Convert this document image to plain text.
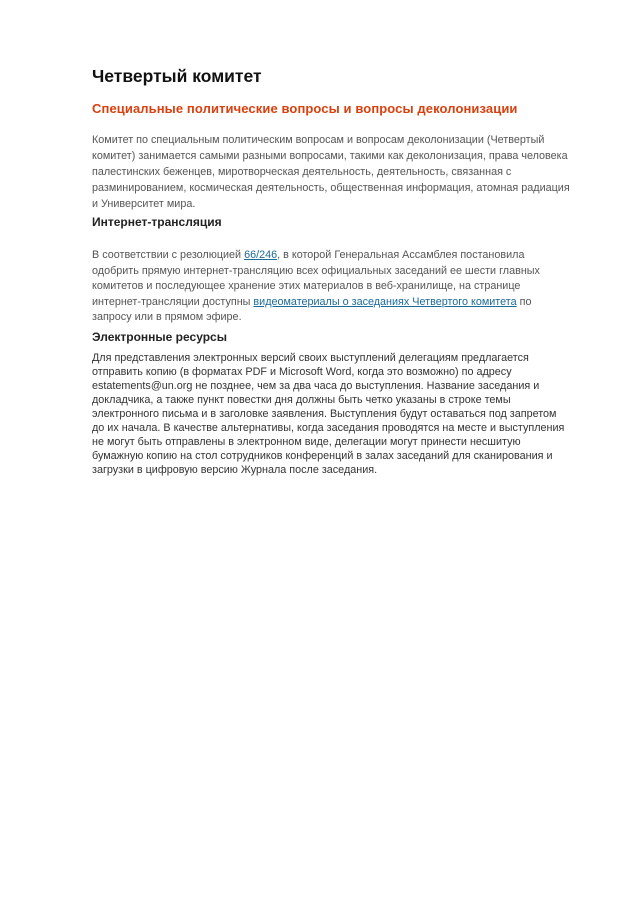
Четвертый комитет
Специальные политические вопросы и вопросы деколонизации
Комитет по специальным политическим вопросам и вопросам деколонизации (Четвертый
комитет) занимается самыми разными вопросами, такими как деколонизация, права человека
палестинских беженцев, миротворческая деятельность, деятельность, связанная с
разминированием, космическая деятельность, общественная информация, атомная радиация
и Университет мира.
Интернет-трансляция
В соответствии с резолюцией 66/246, в которой Генеральная Ассамблея постановила
одобрить прямую интернет-трансляцию всех официальных заседаний ее шести главных
комитетов и последующее хранение этих материалов в веб-хранилище, на странице
интернет-трансляции доступны видеоматериалы о заседаниях Четвертого комитета по
запросу или в прямом эфире.
Электронные ресурсы
Для представления электронных версий своих выступлений делегациям предлагается
отправить копию (в форматах PDF и Microsoft Word, когда это возможно) по адресу
estatements@un.org не позднее, чем за два часа до выступления. Название заседания и
докладчика, а также пункт повестки дня должны быть четко указаны в строке темы
электронного письма и в заголовке заявления. Выступления будут оставаться под запретом
до их начала. В качестве альтернативы, когда заседания проводятся на месте и выступления
не могут быть отправлены в электронном виде, делегации могут принести несшитую
бумажную копию на стол сотрудников конференций в залах заседаний для сканирования и
загрузки в цифровую версию Журнала после заседания.
